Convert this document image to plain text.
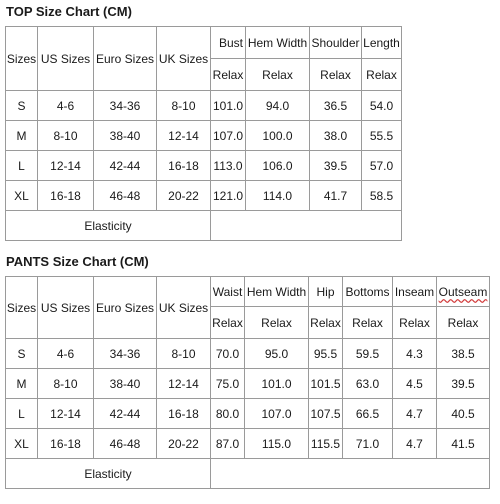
TOP Size Chart (CM)
Sizes	US Sizes	Euro Sizes	UK Sizes	Bust	Hem Width	Shoulder	Length
				Relax	Relax	Relax	Relax
S	4-6	34-36	8-10	101.0	94.0	36.5	54.0
M	8-10	38-40	12-14	107.0	100.0	38.0	55.5
L	12-14	42-44	16-18	113.0	106.0	39.5	57.0
XL	16-18	46-48	20-22	121.0	114.0	41.7	58.5
Elasticity							
PANTS Size Chart (CM)
Sizes	US Sizes	Euro Sizes	UK Sizes	Waist	Hem Width	Hip	Bottoms	Inseam	Outseam
				Relax	Relax	Relax	Relax	Relax	Relax
S	4-6	34-36	8-10	70.0	95.0	95.5	59.5	4.3	38.5
M	8-10	38-40	12-14	75.0	101.0	101.5	63.0	4.5	39.5
L	12-14	42-44	16-18	80.0	107.0	107.5	66.5	4.7	40.5
XL	16-18	46-48	20-22	87.0	115.0	115.5	71.0	4.7	41.5
Elasticity									
